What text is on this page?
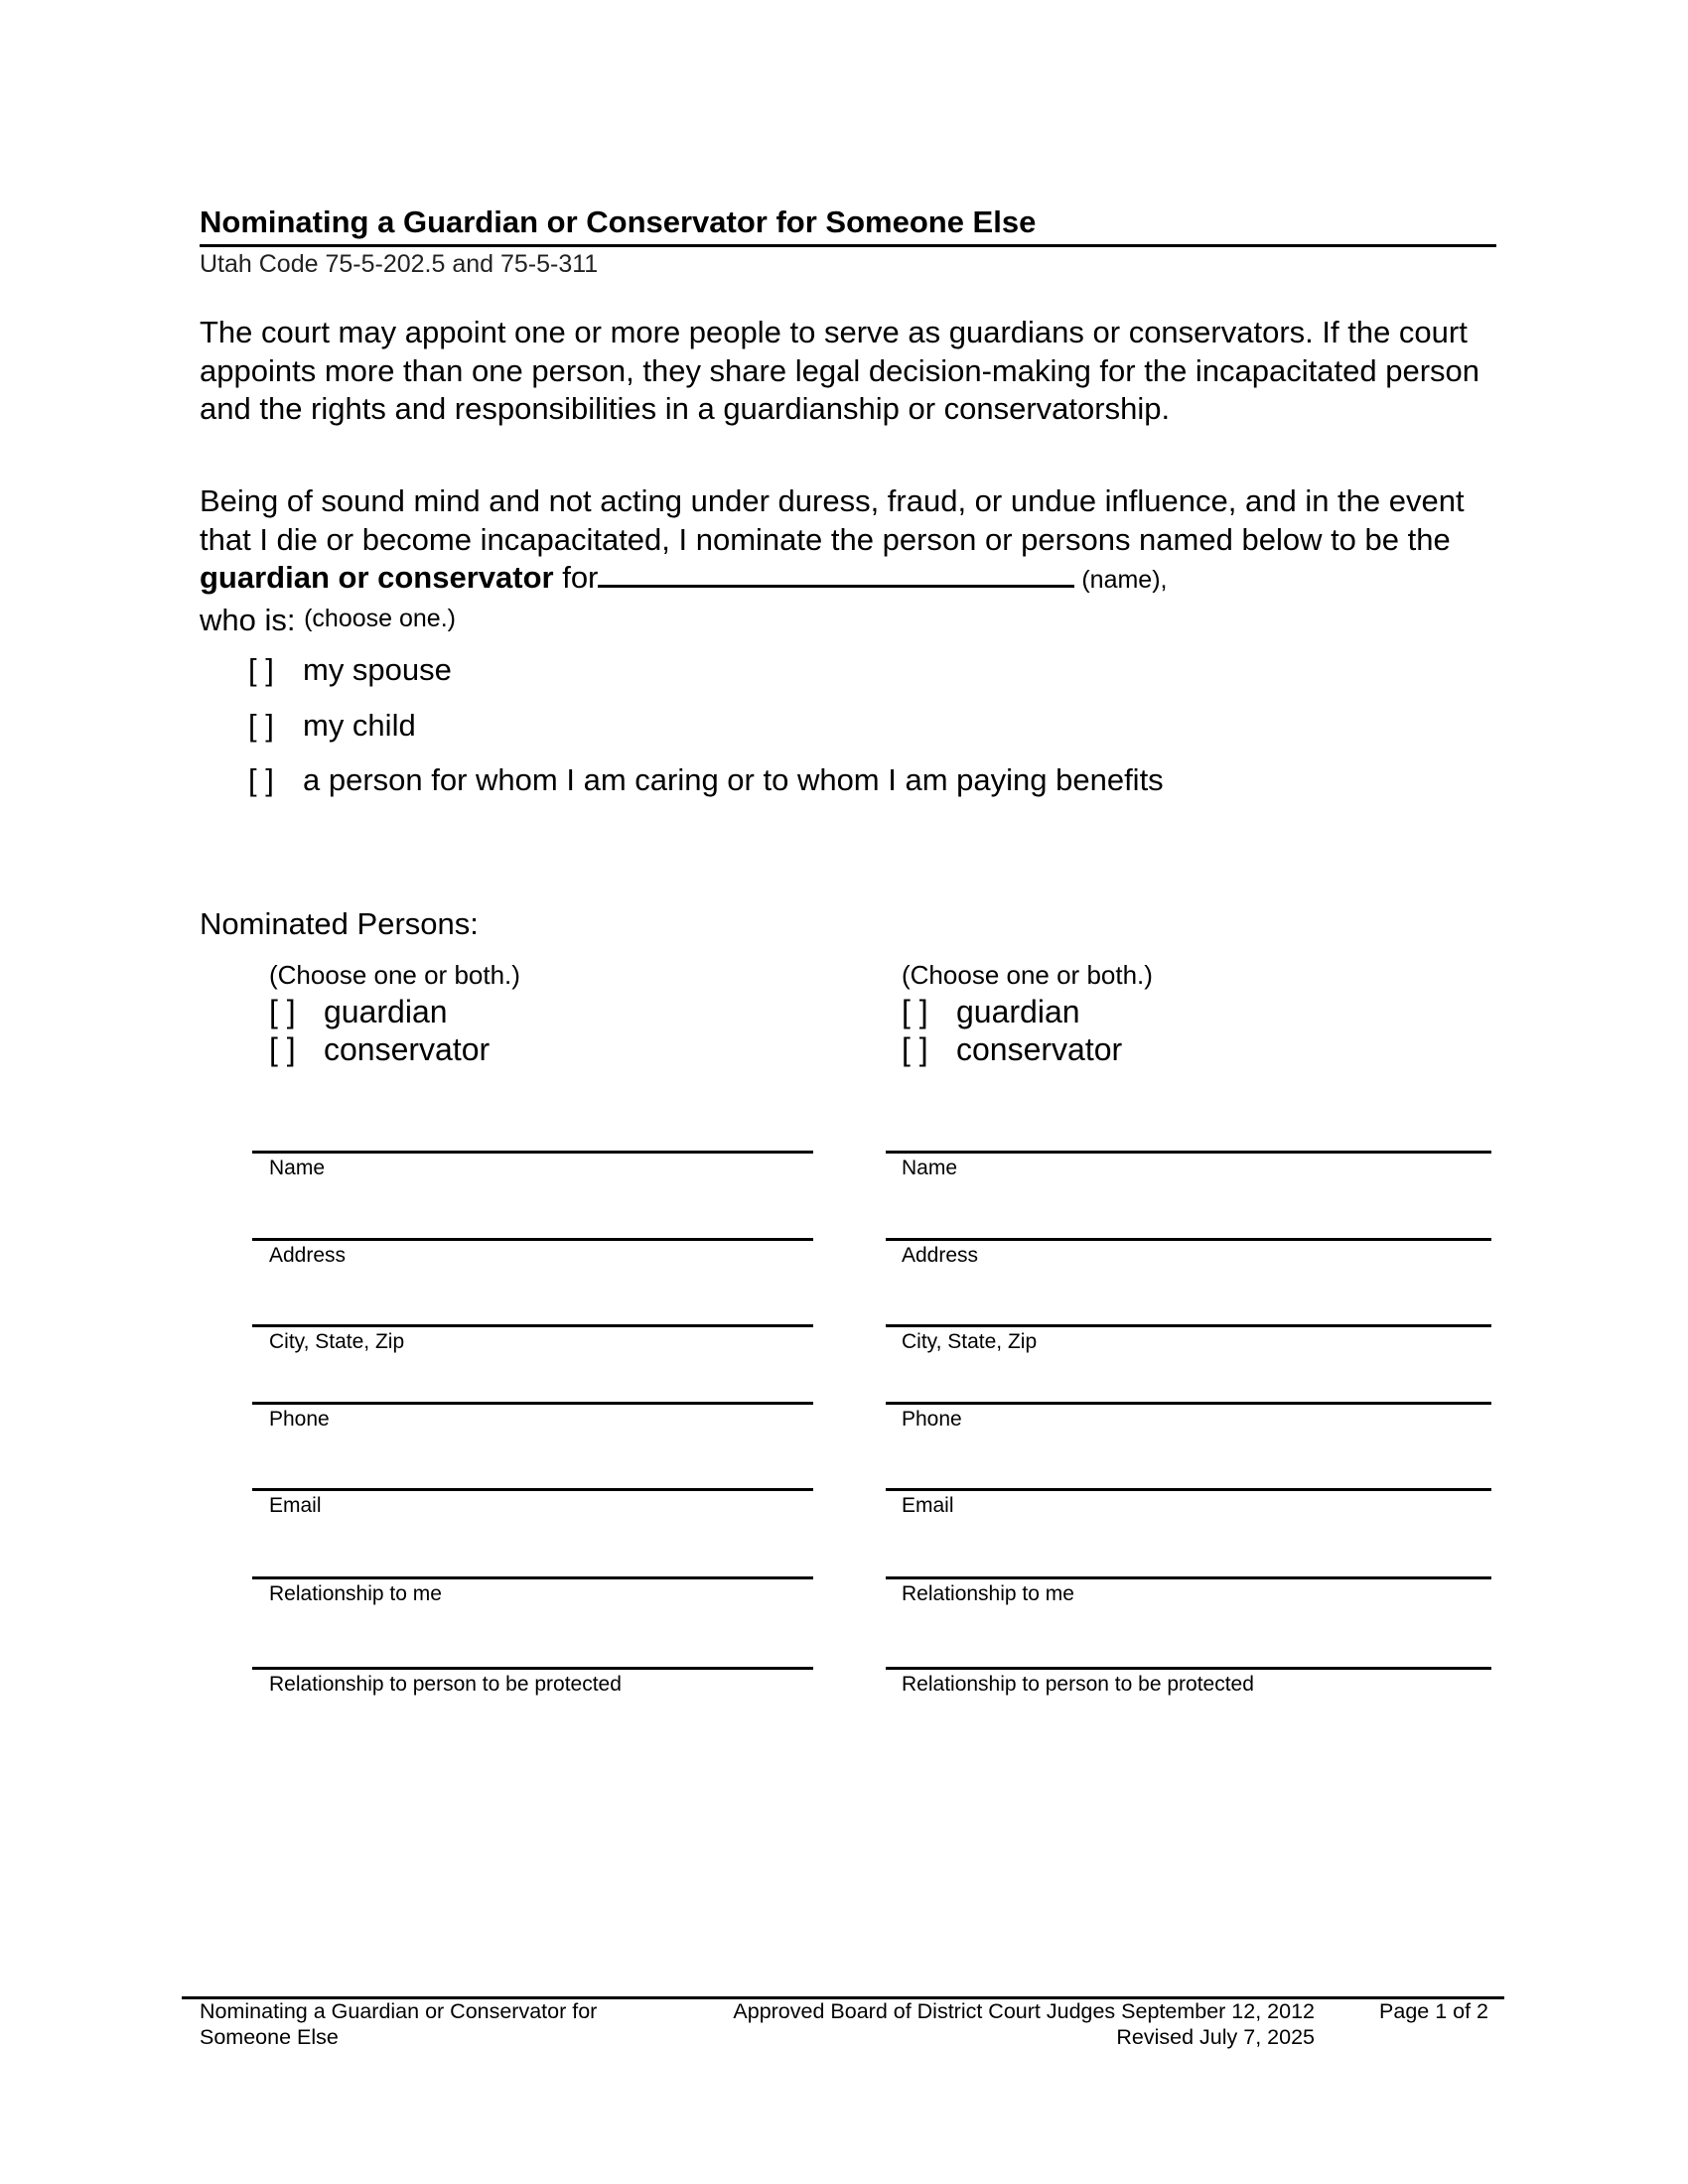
Nominating a Guardian or Conservator for Someone Else
Utah Code 75-5-202.5 and 75-5-311
The court may appoint one or more people to serve as guardians or conservators. If the court appoints more than one person, they share legal decision-making for the incapacitated person and the rights and responsibilities in a guardianship or conservatorship.
Being of sound mind and not acting under duress, fraud, or undue influence, and in the event that I die or become incapacitated, I nominate the person or persons named below to be the guardian or conservator for	(name),
who is: (choose one.)
[ ] my spouse
[ ] my child
[ ] a person for whom I am caring or to whom I am paying benefits
Nominated Persons:
(Choose one or both.)
[ ] guardian
[ ] conservator
(Choose one or both.)
[ ] guardian
[ ] conservator
Name	Name
Address	Address
City, State, Zip	City, State, Zip
Phone	Phone
Email	Email
Relationship to me	Relationship to me
Relationship to person to be protected	Relationship to person to be protected
Nominating a Guardian or Conservator for
Someone Else
Approved Board of District Court Judges September 12, 2012
Revised July 7, 2025
Page 1 of 2
